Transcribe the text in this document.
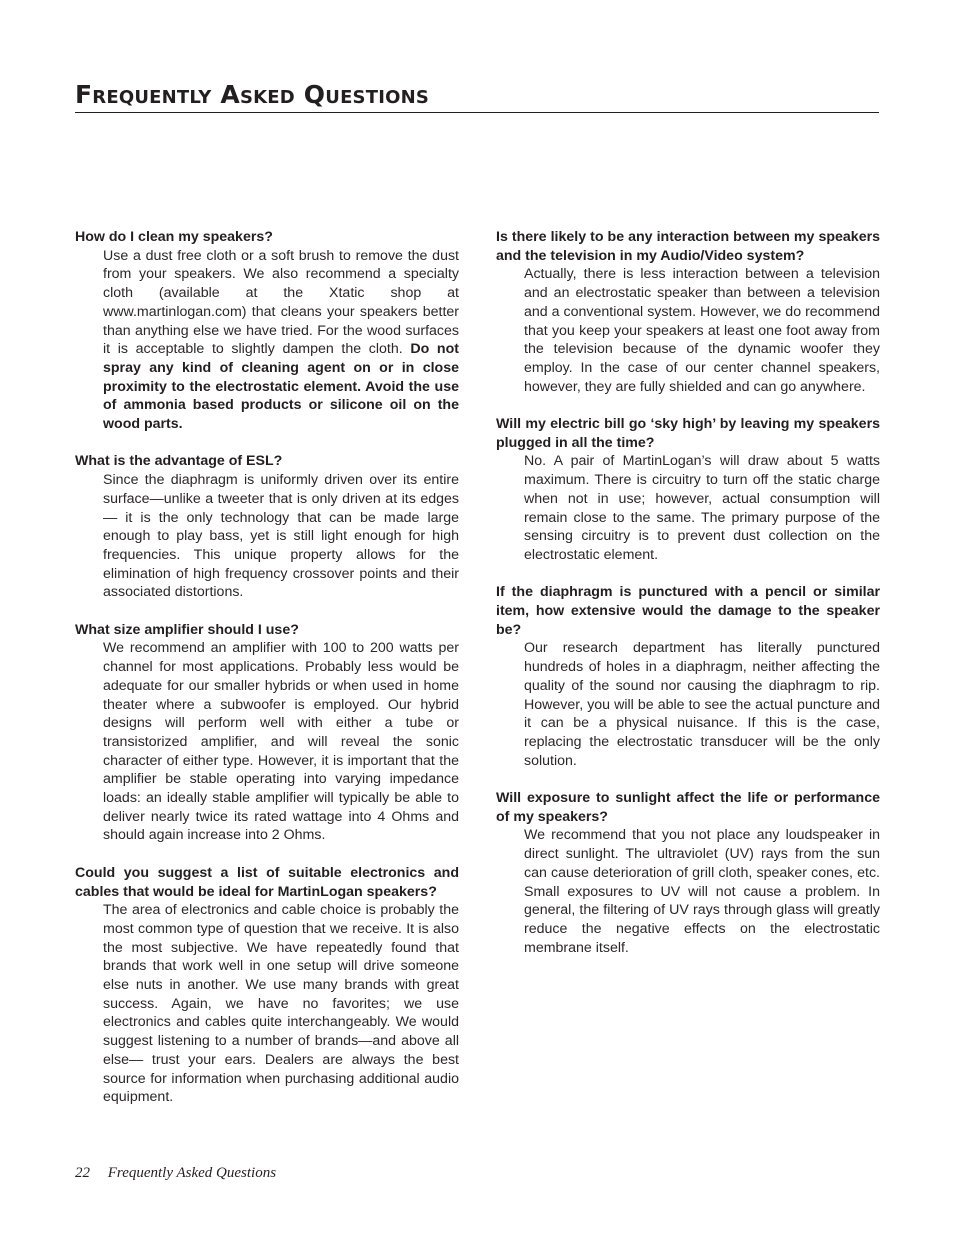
Frequently Asked Questions

How do I clean my speakers?

Use a dust free cloth or a soft brush to remove the dust from your speakers. We also recommend a specialty cloth (available at the Xtatic shop at www.martinlogan.com) that cleans your speakers better than anything else we have tried. For the wood surfaces it is acceptable to slightly dampen the cloth. Do not spray any kind of cleaning agent on or in close proximity to the electrostatic element. Avoid the use of ammonia based products or silicone oil on the wood parts.

What is the advantage of ESL?

Since the diaphragm is uniformly driven over its entire surface—unlike a tweeter that is only driven at its edges— it is the only technology that can be made large enough to play bass, yet is still light enough for high frequencies. This unique property allows for the elimination of high frequency crossover points and their associated distortions.

What size amplifier should I use?

We recommend an amplifier with 100 to 200 watts per channel for most applications. Probably less would be adequate for our smaller hybrids or when used in home theater where a subwoofer is employed. Our hybrid designs will perform well with either a tube or transistorized amplifier, and will reveal the sonic character of either type. However, it is important that the amplifier be stable operating into varying impedance loads: an ideally stable amplifier will typically be able to deliver nearly twice its rated wattage into 4 Ohms and should again increase into 2 Ohms.

Could you suggest a list of suitable electronics and cables that would be ideal for MartinLogan speakers?

The area of electronics and cable choice is probably the most common type of question that we receive. It is also the most subjective. We have repeatedly found that brands that work well in one setup will drive someone else nuts in another. We use many brands with great success. Again, we have no favorites; we use electronics and cables quite interchangeably. We would suggest listening to a number of brands—and above all else— trust your ears. Dealers are always the best source for information when purchasing additional audio equipment.

Is there likely to be any interaction between my speakers and the television in my Audio/Video system?

Actually, there is less interaction between a television and an electrostatic speaker than between a television and a conventional system. However, we do recommend that you keep your speakers at least one foot away from the television because of the dynamic woofer they employ. In the case of our center channel speakers, however, they are fully shielded and can go anywhere.

Will my electric bill go ‘sky high’ by leaving my speakers plugged in all the time?

No. A pair of MartinLogan’s will draw about 5 watts maximum. There is circuitry to turn off the static charge when not in use; however, actual consumption will remain close to the same. The primary purpose of the sensing circuitry is to prevent dust collection on the electrostatic element.

If the diaphragm is punctured with a pencil or similar item, how extensive would the damage to the speaker be?

Our research department has literally punctured hundreds of holes in a diaphragm, neither affecting the quality of the sound nor causing the diaphragm to rip. However, you will be able to see the actual puncture and it can be a physical nuisance. If this is the case, replacing the electrostatic transducer will be the only solution.

Will exposure to sunlight affect the life or performance of my speakers?

We recommend that you not place any loudspeaker in direct sunlight. The ultraviolet (UV) rays from the sun can cause deterioration of grill cloth, speaker cones, etc. Small exposures to UV will not cause a problem. In general, the filtering of UV rays through glass will greatly reduce the negative effects on the electrostatic membrane itself.

22 Frequently Asked Questions
